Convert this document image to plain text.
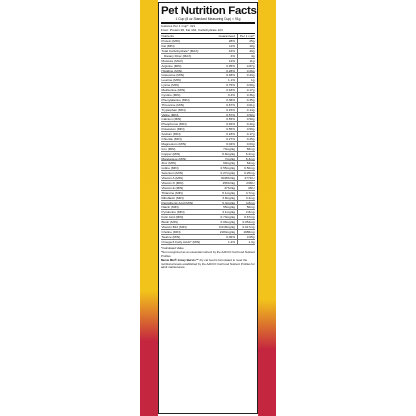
Pet Nutrition Facts
1 Cup (8 oz Standard Measuring Cup) = 91g
Calories Per 1 Cup*: 321
From: Protein 96, Fat 102, Carbohydrate 123
Nutrients	Guaranteed	Per 1 cup*
Protein (MIN)	28%	25g
Fat (MIN)	11%	10g
Total Carbohydrate* (MAX)	44%	40g
Dietary Fiber (MAX)	4%	4g
Moisture (MAX)	12%	11g
Arginine (MIN)	0.95%	0.87g
Histidine (MIN)	0.28%	0.26g
Isoleucine (MIN)	0.48%	0.43g
Leucine (MIN)	1.1%	1g
Lysine (MIN)	0.75%	0.69g
Methionine (MIN)	0.18%	0.17g
Cystine (MIN)	0.4%	0.36g
Phenylalanine (MIN)	0.38%	0.35g
Threonine (MIN)	0.67%	0.61g
Tryptophan (MIN)	0.15%	0.14g
Valine (MIN)	0.57%	0.52g
Calcium (MIN)	0.55%	0.50g
Phosphorus (MIN)	0.46%	0.42g
Potassium (MIN)	0.55%	0.50g
Sodium (MIN)	0.18%	0.17g
Chloride (MIN)	0.27%	0.25g
Magnesium (MIN)	0.04%	0.03g
Iron (MIN)	73mg/kg	66mg
Copper (MIN)	6.8mg/kg	6.2mg
Manganese (MIN)	7mg/kg	6.3mg
Zinc (MIN)	69mg/kg	62mg
Iodine (MIN)	0.55mg/kg	0.50mg
Selenium (MIN)	0.27mg/kg	0.25mg
Vitamin A (MIN)	3048IU/kg	2771IU
Vitamin D (MIN)	256IU/kg	233IU
Vitamin E (MIN)	37IU/kg	33IU
Thiamine (MIN)	5.1mg/kg	4.7mg
Riboflavin (MIN)	3.8mg/kg	3.4mg
Pantothenic Acid (MIN)	5.3mg/kg	4.8mg
Niacin (MIN)	55mg/kg	50mg
Pyridoxine (MIN)	3.1mg/kg	2.8mg
Folic Acid (MIN)	0.73mg/kg	0.67mg
Biotin (MIN)	0.06mg/kg	0.054mg
Vitamin B12 (MIN)	0.018mg/kg	0.017mg
Choline (MIN)	2184mg/kg	1986mg
Taurine (MIN)	0.06%	0.05g
Omega-6 Fatty Acids* (MIN)	1.4%	1.3g
*Calculated Value
*Not recognized as an essential nutrient by the AAFCO Cat Food Nutrient Profiles
Meow Mix® Gravy Bursts™ dry cat food is formulated to meet the nutritional levels established by the AAFCO Cat Food Nutrient Profiles for adult maintenance.
